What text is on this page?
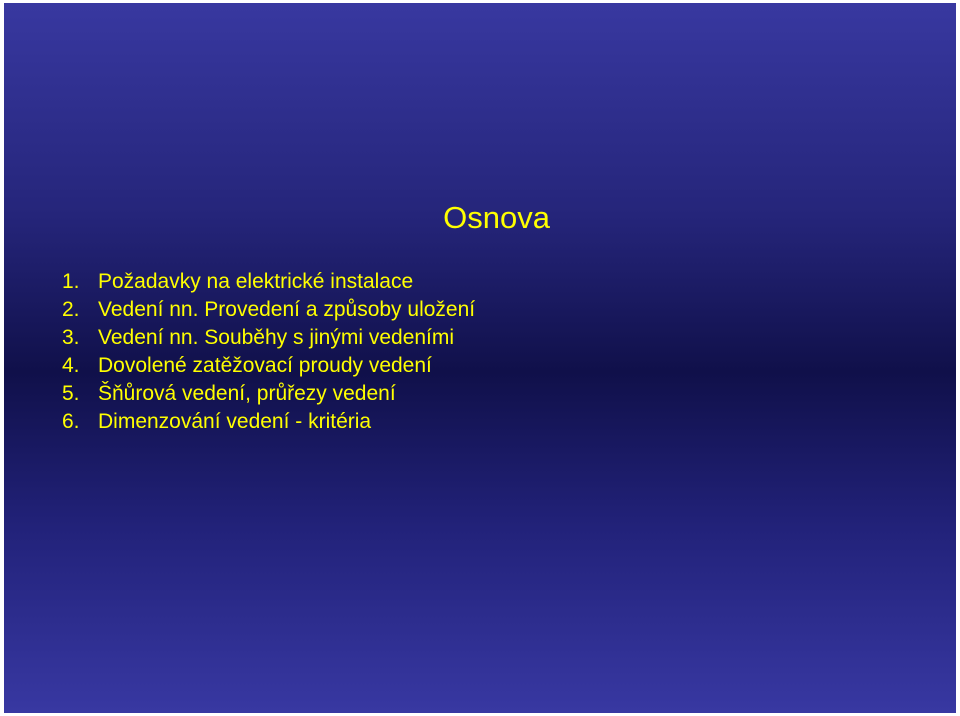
Osnova
1. Požadavky na elektrické instalace
2. Vedení nn. Provedení a způsoby uložení
3. Vedení nn. Souběhy s jinými vedeními
4. Dovolené zatěžovací proudy vedení
5. Šňůrová vedení, průřezy vedení
6. Dimenzování vedení - kritéria
